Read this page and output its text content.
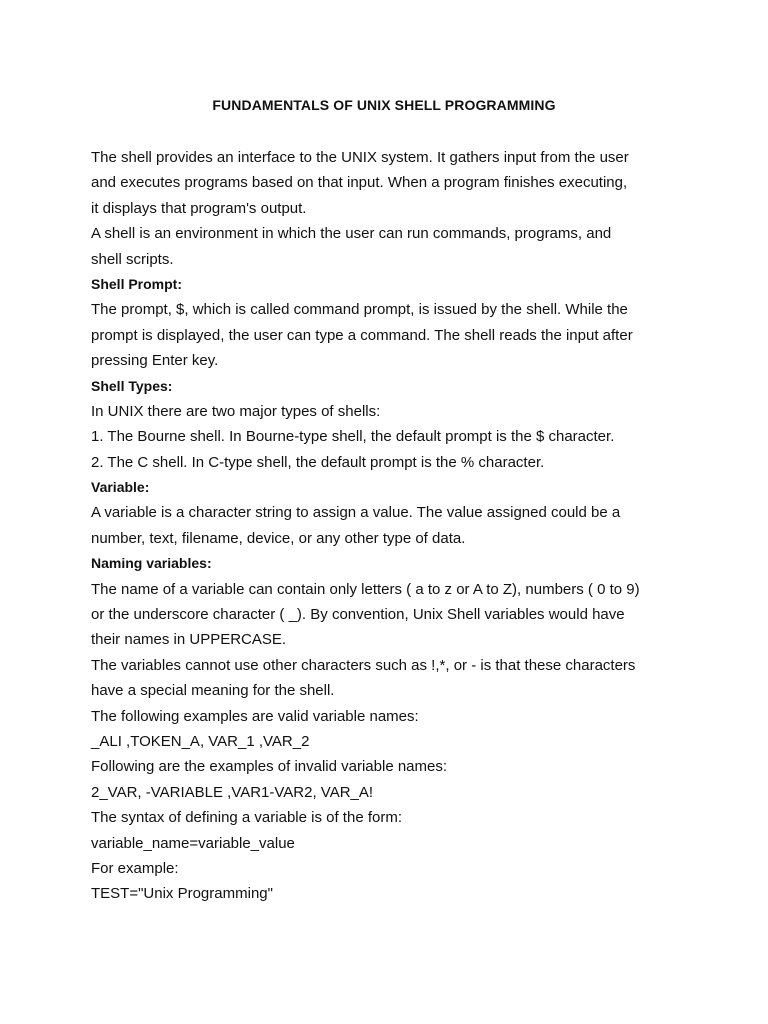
FUNDAMENTALS OF UNIX SHELL PROGRAMMING
The shell provides an interface to the UNIX system. It gathers input from the user
and executes programs based on that input. When a program finishes executing,
it displays that program's output.
A shell is an environment in which the user can run commands, programs, and
shell scripts.
Shell Prompt:
The prompt, $, which is called command prompt, is issued by the shell. While the
prompt is displayed, the user can type a command. The shell reads the input after
pressing Enter key.
Shell Types:
In UNIX there are two major types of shells:
1. The Bourne shell. In Bourne-type shell, the default prompt is the $ character.
2. The C shell. In C-type shell, the default prompt is the % character.
Variable:
A variable is a character string to assign a value. The value assigned could be a
number, text, filename, device, or any other type of data.
Naming variables:
The name of a variable can contain only letters ( a to z or A to Z), numbers ( 0 to 9)
or the underscore character ( _). By convention, Unix Shell variables would have
their names in UPPERCASE.
The variables cannot use other characters such as !,*, or - is that these characters
have a special meaning for the shell.
The following examples are valid variable names:
_ALI ,TOKEN_A, VAR_1 ,VAR_2
Following are the examples of invalid variable names:
2_VAR, -VARIABLE ,VAR1-VAR2, VAR_A!
The syntax of defining a variable is of the form:
variable_name=variable_value
For example:
TEST="Unix Programming"
